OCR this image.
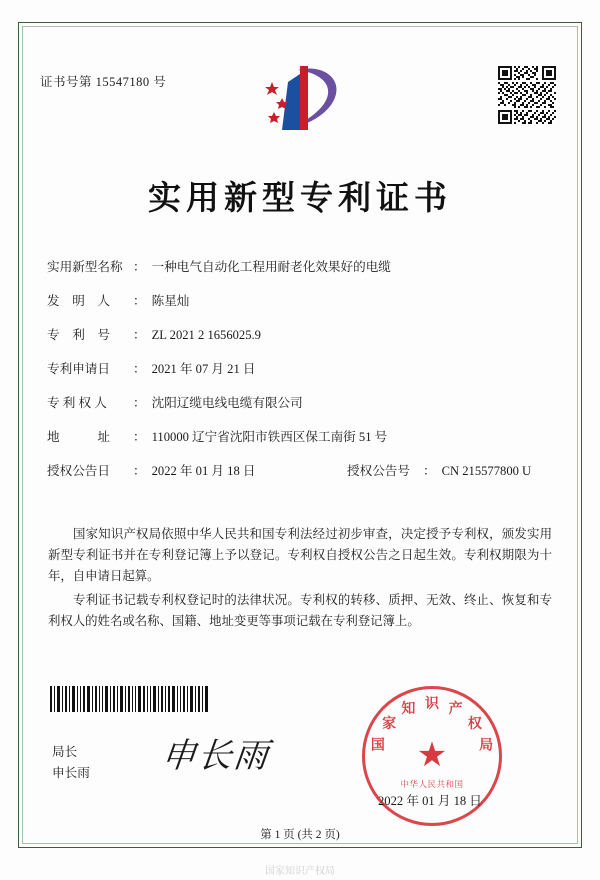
证书号第 15547180 号
实用新型专利证书
实用新型名称 ： 一种电气自动化工程用耐老化效果好的电缆
发　明　人 ： 陈星灿
专　利　号 ： ZL 2021 2 1656025.9
专利申请日 ： 2021 年 07 月 21 日
专 利 权 人 ： 沈阳辽缆电线电缆有限公司
地　　　址 ： 110000 辽宁省沈阳市铁西区保工南街 51 号
授权公告日 ： 2022 年 01 月 18 日	授权公告号 ： CN 215577800 U
国家知识产权局依照中华人民共和国专利法经过初步审查，决定授予专利权，颁发实用新型专利证书并在专利登记簿上予以登记。专利权自授权公告之日起生效。专利权期限为十年，自申请日起算。
专利证书记载专利权登记时的法律状况。专利权的转移、质押、无效、终止、恢复和专利权人的姓名或名称、国籍、地址变更等事项记载在专利登记簿上。
局长
申长雨 申长雨	★
国
家
知 识 产
权
局
中华人民共和国
2022 年 01 月 18 日
第 1 页 (共 2 页)
国家知识产权局
